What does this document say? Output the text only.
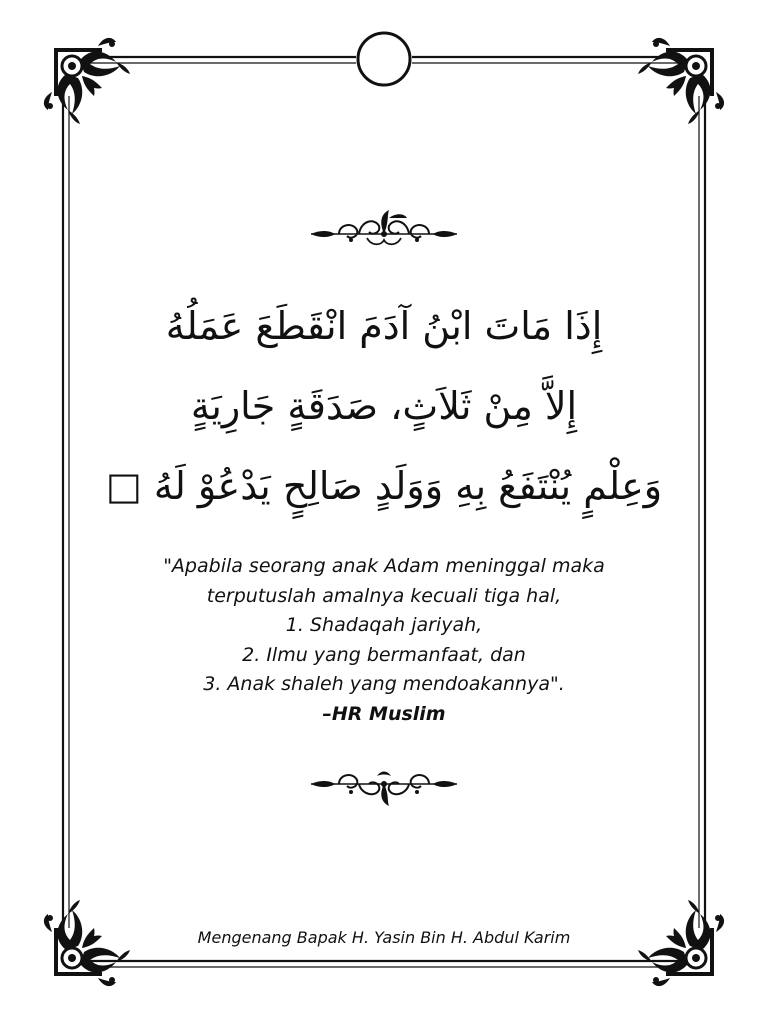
إِذَا مَاتَ ابْنُ آدَمَ انْقَطَعَ عَمَلُهُ
إِلاَّ مِنْ ثَلاَثٍ، صَدَقَةٍ جَارِيَةٍ
وَعِلْمٍ يُنْتَفَعُ بِهِ وَوَلَدٍ صَالِحٍ يَدْعُوْ لَهُ □
"Apabila seorang anak Adam meninggal maka
terputuslah amalnya kecuali tiga hal,
1. Shadaqah jariyah,
2. Ilmu yang bermanfaat, dan
3. Anak shaleh yang mendoakannya".
–HR Muslim
Mengenang Bapak H. Yasin Bin H. Abdul Karim
